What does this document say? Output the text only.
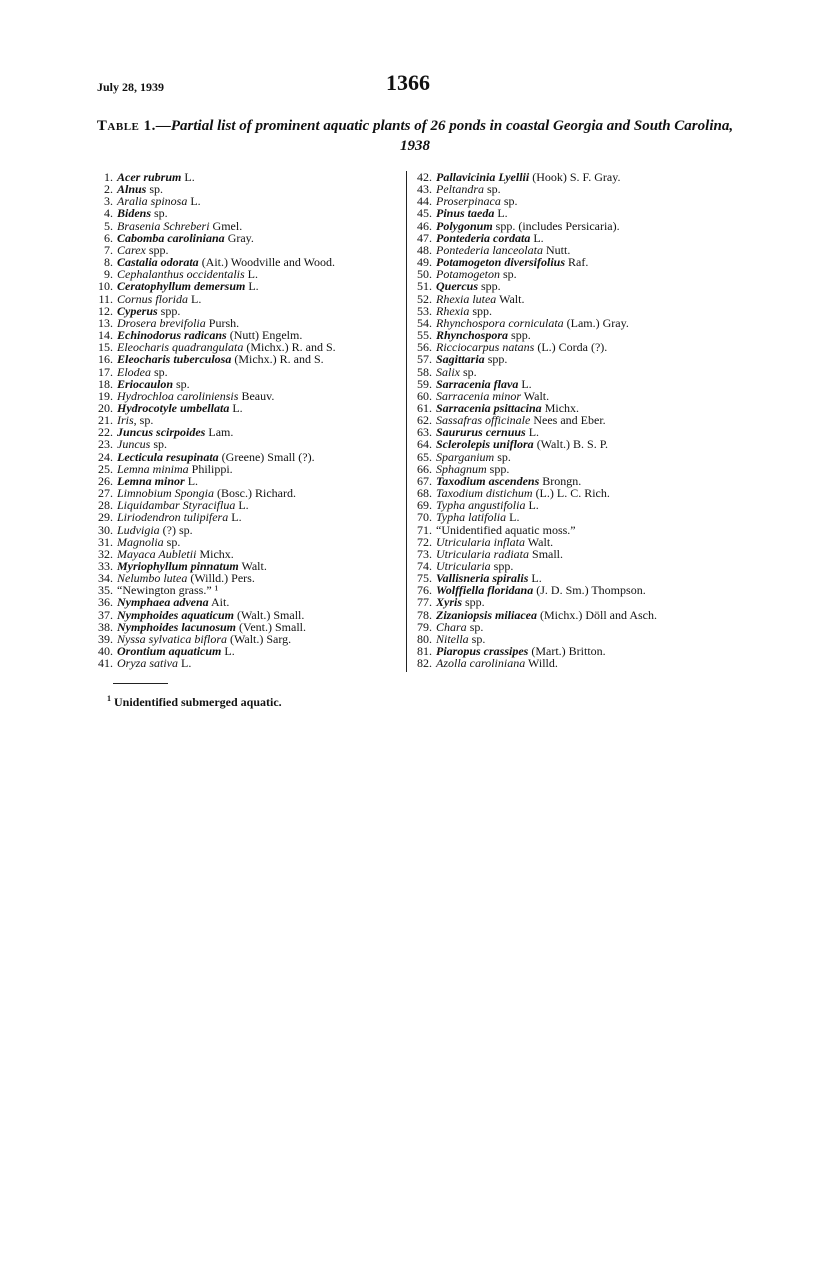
July 28, 1939	1366
Table 1.—Partial list of prominent aquatic plants of 26 ponds in coastal Georgia and South Carolina, 1938
1. Acer rubrum L.
2. Alnus sp.
3. Aralia spinosa L.
4. Bidens sp.
5. Brasenia Schreberi Gmel.
6. Cabomba caroliniana Gray.
7. Carex spp.
8. Castalia odorata (Ait.) Woodville and Wood.
9. Cephalanthus occidentalis L.
10. Ceratophyllum demersum L.
11. Cornus florida L.
12. Cyperus spp.
13. Drosera brevifolia Pursh.
14. Echinodorus radicans (Nutt) Engelm.
15. Eleocharis quadrangulata (Michx.) R. and S.
16. Eleocharis tuberculosa (Michx.) R. and S.
17. Elodea sp.
18. Eriocaulon sp.
19. Hydrochloa caroliniensis Beauv.
20. Hydrocotyle umbellata L.
21. Iris, sp.
22. Juncus scirpoides Lam.
23. Juncus sp.
24. Lecticula resupinata (Greene) Small (?).
25. Lemna minima Philippi.
26. Lemna minor L.
27. Limnobium Spongia (Bosc.) Richard.
28. Liquidambar Styraciflua L.
29. Liriodendron tulipifera L.
30. Ludvigia (?) sp.
31. Magnolia sp.
32. Mayaca Aubletii Michx.
33. Myriophyllum pinnatum Walt.
34. Nelumbo lutea (Willd.) Pers.
35. “Newington grass.” ¹
36. Nymphaea advena Ait.
37. Nymphoides aquaticum (Walt.) Small.
38. Nymphoides lacunosum (Vent.) Small.
39. Nyssa sylvatica biflora (Walt.) Sarg.
40. Orontium aquaticum L.
41. Oryza sativa L.
42. Pallavicinia Lyellii (Hook) S. F. Gray.
43. Peltandra sp.
44. Proserpinaca sp.
45. Pinus taeda L.
46. Polygonum spp. (includes Persicaria).
47. Pontederia cordata L.
48. Pontederia lanceolata Nutt.
49. Potamogeton diversifolius Raf.
50. Potamogeton sp.
51. Quercus spp.
52. Rhexia lutea Walt.
53. Rhexia spp.
54. Rhynchospora corniculata (Lam.) Gray.
55. Rhynchospora spp.
56. Ricciocarpus natans (L.) Corda (?).
57. Sagittaria spp.
58. Salix sp.
59. Sarracenia flava L.
60. Sarracenia minor Walt.
61. Sarracenia psittacina Michx.
62. Sassafras officinale Nees and Eber.
63. Saururus cernuus L.
64. Sclerolepis uniflora (Walt.) B. S. P.
65. Sparganium sp.
66. Sphagnum spp.
67. Taxodium ascendens Brongn.
68. Taxodium distichum (L.) L. C. Rich.
69. Typha angustifolia L.
70. Typha latifolia L.
71. “Unidentified aquatic moss.”
72. Utricularia inflata Walt.
73. Utricularia radiata Small.
74. Utricularia spp.
75. Vallisneria spiralis L.
76. Wolffiella floridana (J. D. Sm.) Thompson.
77. Xyris spp.
78. Zizaniopsis miliacea (Michx.) Döll and Asch.
79. Chara sp.
80. Nitella sp.
81. Piaropus crassipes (Mart.) Britton.
82. Azolla caroliniana Willd.
$^1$ Unidentified submerged aquatic.
